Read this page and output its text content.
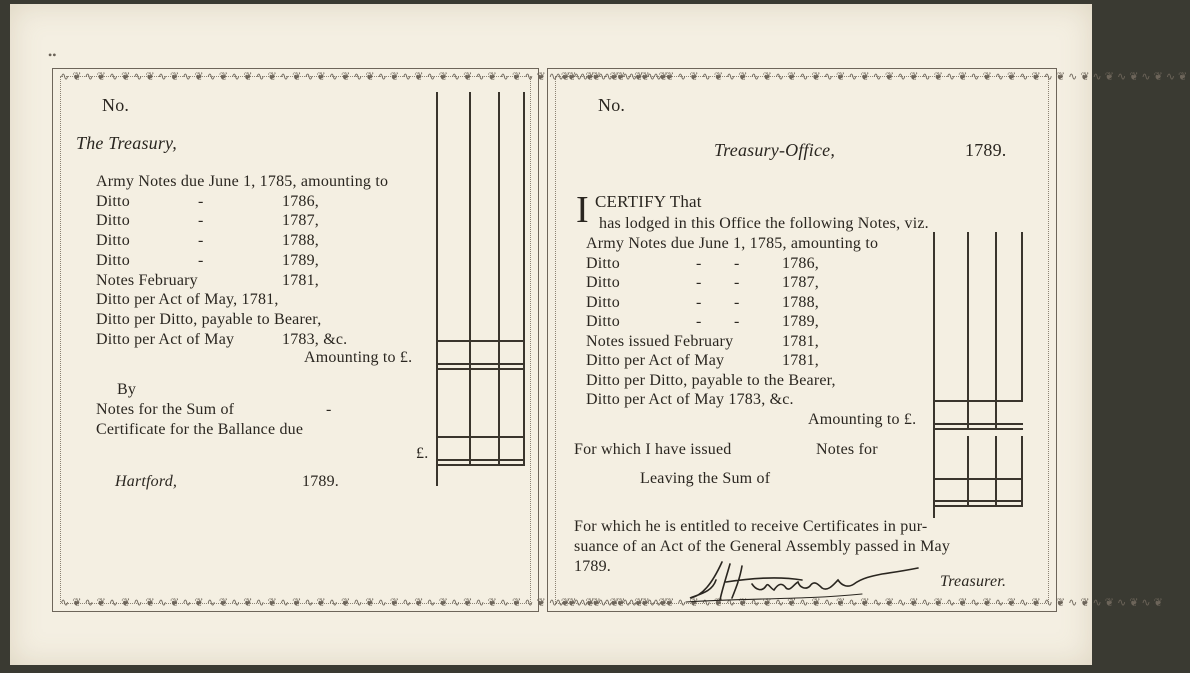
∿❦∿❦∿❦∿❦∿❦∿❦∿❦∿❦∿❦∿❦∿❦∿❦∿❦∿❦∿❦∿❦∿❦∿❦∿❦∿❦∿❦∿❦∿❦∿❦∿❦
∿❦∿❦∿❦∿❦∿❦∿❦∿❦∿❦∿❦∿❦∿❦∿❦∿❦∿❦∿❦∿❦∿❦∿❦∿❦∿❦∿❦∿❦∿❦∿❦∿❦
∿❦∿❦∿❦∿❦∿❦∿❦∿❦∿❦∿❦∿❦∿❦∿❦∿❦∿❦∿❦∿❦∿❦∿❦∿❦∿❦∿❦∿❦∿❦∿❦∿❦∿❦
∿❦∿❦∿❦∿❦∿❦∿❦∿❦∿❦∿❦∿❦∿❦∿❦∿❦∿❦∿❦∿❦∿❦∿❦∿❦∿❦∿❦∿❦∿❦∿❦∿❦
••
No.
The Treasury,
Army Notes due June 1, 1785, amounting to
Ditto	-	1786,
Ditto	-	1787,
Ditto	-	1788,
Ditto	-	1789,
Notes February	1781,
Ditto per Act of May, 1781,
Ditto per Ditto, payable to Bearer,
Ditto per Act of May	1783, &c.
Amounting to £.
By
Notes for the Sum of	-
Certificate for the Ballance due
£.
Hartford,	1789.
No.
Treasury-Office,	1789.
I CERTIFY That
has lodged in this Office the following Notes, viz.
Army Notes due June 1, 1785, amounting to
Ditto	- -	1786,
Ditto	- -	1787,
Ditto	- -	1788,
Ditto	- -	1789,
Notes issued February	1781,
Ditto per Act of May	1781,
Ditto per Ditto, payable to the Bearer,
Ditto per Act of May 1783, &c.
Amounting to £.
For which I have issued	Notes for
Leaving the Sum of
For which he is entitled to receive Certificates in pur-
suance of an Act of the General Assembly passed in May
1789.
Treasurer.
